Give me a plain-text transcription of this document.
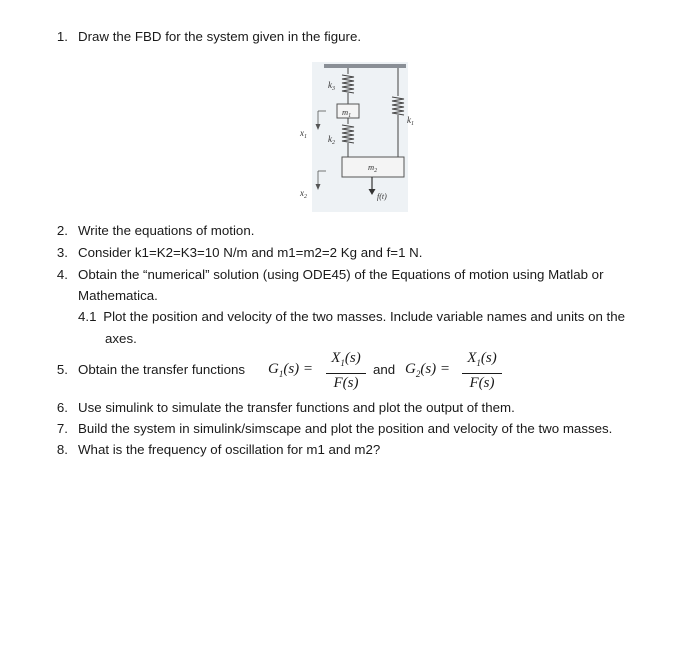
1. Draw the FBD for the system given in the figure.
$k_3$
$m_1$	$k_1$
$x_1$ $k_2$
$m_2$
$x_2$	f(t)
2. Write the equations of motion.
3. Consider k1=K2=K3=10 N/m and m1=m2=2 Kg and f=1 N.
4. Obtain the “numerical” solution (using ODE45) of the Equations of motion using Matlab or
Mathematica.
4.1 Plot the position and velocity of the two masses. Include variable names and units on the
axes.
5. Obtain the transfer functions $G_1(s)$ =
$X_1(s)$
F(s)
and $G_2(s)$ =
$X_1(s)$
F(s)
6. Use simulink to simulate the transfer functions and plot the output of them.
7. Build the system in simulink/simscape and plot the position and velocity of the two masses.
8. What is the frequency of oscillation for m1 and m2?
